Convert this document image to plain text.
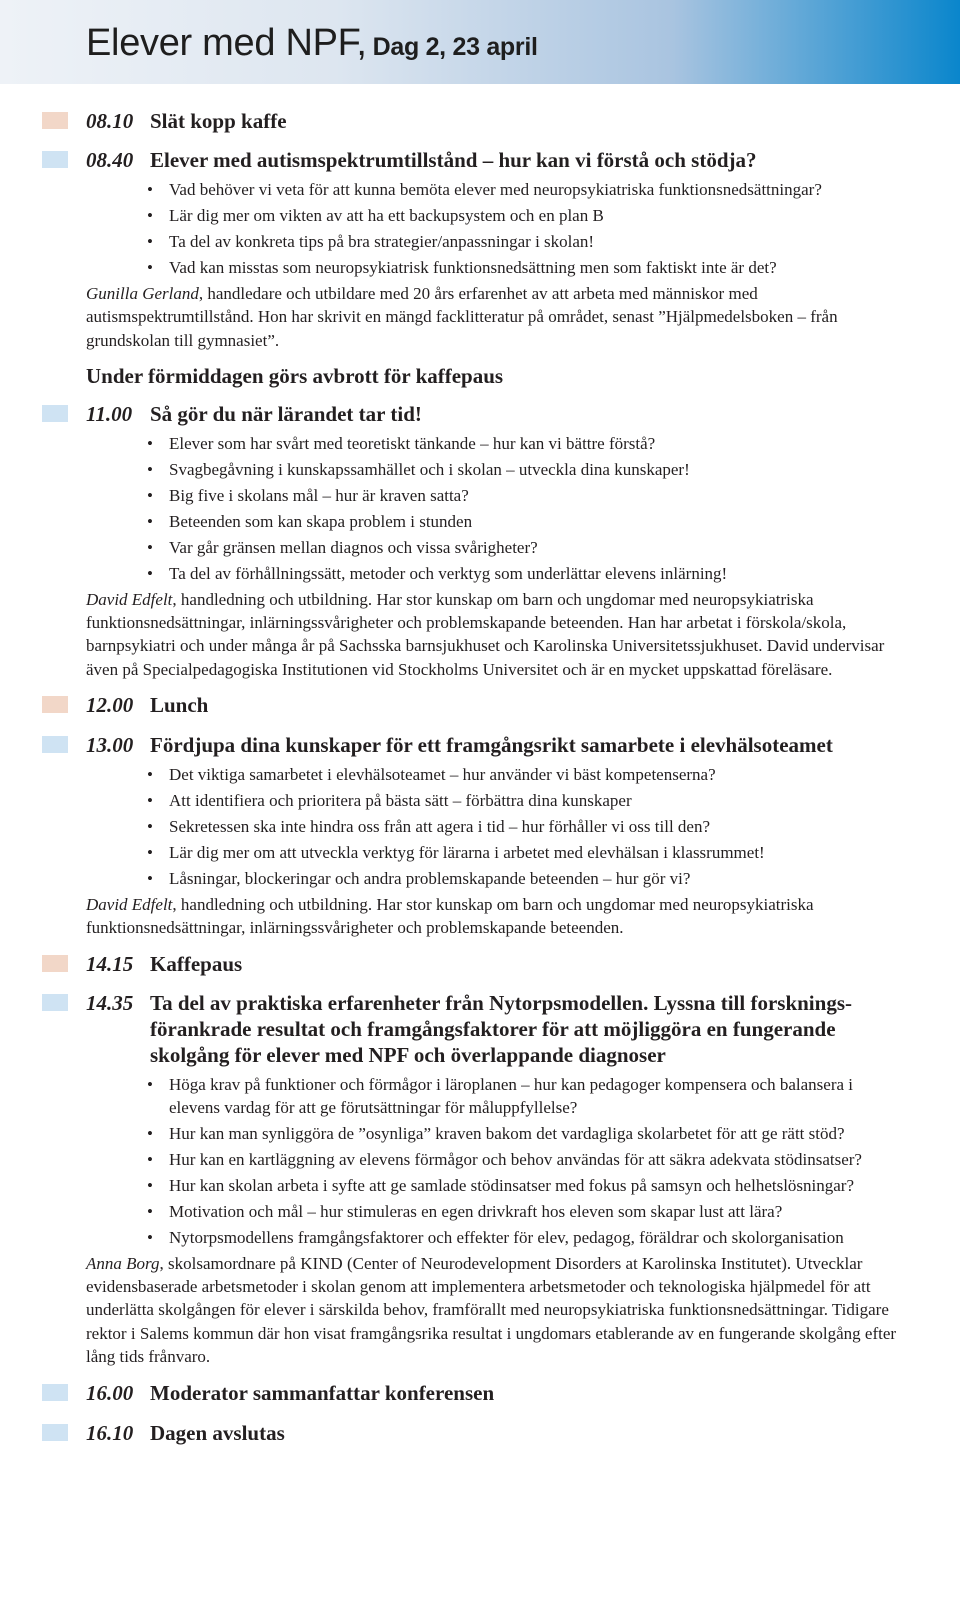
Elever med NPF, Dag 2, 23 april
08.10 Slät kopp kaffe
08.40 Elever med autismspektrumtillstånd – hur kan vi förstå och stödja?
• Vad behöver vi veta för att kunna bemöta elever med neuropsykiatriska funktionsnedsättningar?
• Lär dig mer om vikten av att ha ett backupsystem och en plan B
• Ta del av konkreta tips på bra strategier/anpassningar i skolan!
• Vad kan misstas som neuropsykiatrisk funktionsnedsättning men som faktiskt inte är det?
Gunilla Gerland, handledare och utbildare med 20 års erfarenhet av att arbeta med människor med autismspektrumtillstånd. Hon har skrivit en mängd facklitteratur på området, senast ”Hjälpmedelsboken – från grundskolan till gymnasiet”.
Under förmiddagen görs avbrott för kaffepaus
11.00 Så gör du när lärandet tar tid!
• Elever som har svårt med teoretiskt tänkande – hur kan vi bättre förstå?
• Svagbegåvning i kunskapssamhället och i skolan – utveckla dina kunskaper!
• Big five i skolans mål – hur är kraven satta?
• Beteenden som kan skapa problem i stunden
• Var går gränsen mellan diagnos och vissa svårigheter?
• Ta del av förhållningssätt, metoder och verktyg som underlättar elevens inlärning!
David Edfelt, handledning och utbildning. Har stor kunskap om barn och ungdomar med neuropsykiatriska funktionsnedsättningar, inlärningssvårigheter och problemskapande beteenden. Han har arbetat i förskola/skola, barnpsykiatri och under många år på Sachsska barnsjukhuset och Karolinska Universitetssjukhuset. David undervisar även på Specialpedagogiska Institutionen vid Stockholms Universitet och är en mycket uppskattad föreläsare.
12.00 Lunch
13.00 Fördjupa dina kunskaper för ett framgångsrikt samarbete i elevhälsoteamet
• Det viktiga samarbetet i elevhälsoteamet – hur använder vi bäst kompetenserna?
• Att identifiera och prioritera på bästa sätt – förbättra dina kunskaper
• Sekretessen ska inte hindra oss från att agera i tid – hur förhåller vi oss till den?
• Lär dig mer om att utveckla verktyg för lärarna i arbetet med elevhälsan i klassrummet!
• Låsningar, blockeringar och andra problemskapande beteenden – hur gör vi?
David Edfelt, handledning och utbildning. Har stor kunskap om barn och ungdomar med neuropsykiatriska funktionsnedsättningar, inlärningssvårigheter och problemskapande beteenden.
14.15 Kaffepaus
14.35 Ta del av praktiska erfarenheter från Nytorpsmodellen. Lyssna till forskningsförankrade resultat och framgångsfaktorer för att möjliggöra en fungerande skolgång för elever med NPF och överlappande diagnoser
• Höga krav på funktioner och förmågor i läroplanen – hur kan pedagoger kompensera och balansera i elevens vardag för att ge förutsättningar för måluppfyllelse?
• Hur kan man synliggöra de ”osynliga” kraven bakom det vardagliga skolarbetet för att ge rätt stöd?
• Hur kan en kartläggning av elevens förmågor och behov användas för att säkra adekvata stödinsatser?
• Hur kan skolan arbeta i syfte att ge samlade stödinsatser med fokus på samsyn och helhetslösningar?
• Motivation och mål – hur stimuleras en egen drivkraft hos eleven som skapar lust att lära?
• Nytorpsmodellens framgångsfaktorer och effekter för elev, pedagog, föräldrar och skolorganisation
Anna Borg, skolsamordnare på KIND (Center of Neurodevelopment Disorders at Karolinska Institutet). Utvecklar evidensbaserade arbetsmetoder i skolan genom att implementera arbetsmetoder och teknologiska hjälpmedel för att underlätta skolgången för elever i särskilda behov, framförallt med neuropsykiatriska funktionsnedsättningar. Tidigare rektor i Salems kommun där hon visat framgångsrika resultat i ungdomars etablerande av en fungerande skolgång efter lång tids frånvaro.
16.00 Moderator sammanfattar konferensen
16.10 Dagen avslutas
